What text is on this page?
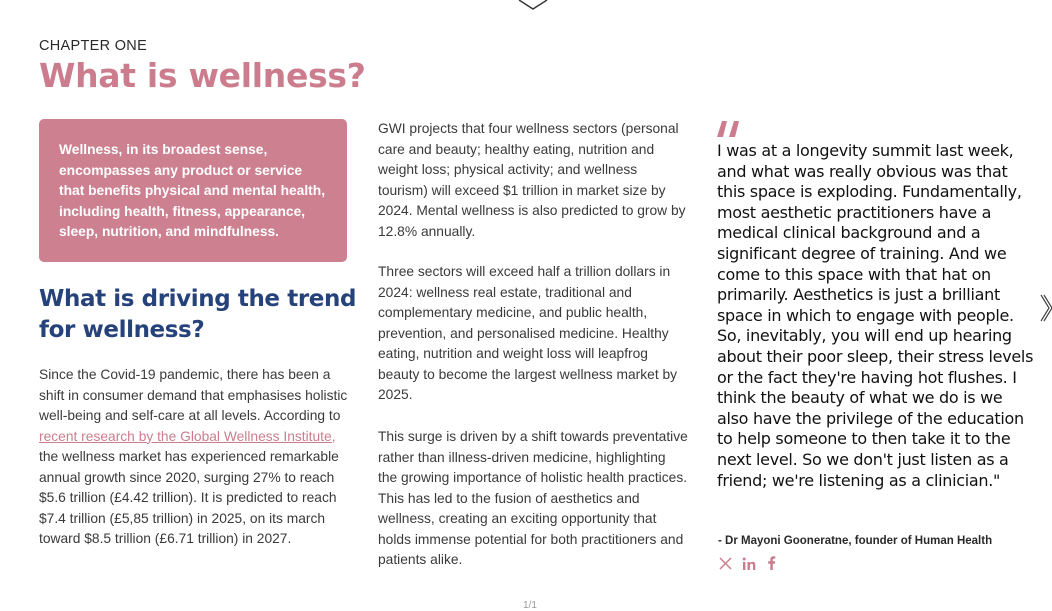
CHAPTER ONE
What is wellness?
Wellness, in its broadest sense, encompasses any product or service that benefits physical and mental health, including health, fitness, appearance, sleep, nutrition, and mindfulness.
What is driving the trend for wellness?

Since the Covid-19 pandemic, there has been a shift in consumer demand that emphasises holistic well-being and self-care at all levels. According to recent research by the Global Wellness Institute, the wellness market has experienced remarkable annual growth since 2020, surging 27% to reach $5.6 trillion (£4.42 trillion). It is predicted to reach $7.4 trillion (£5,85 trillion) in 2025, on its march toward $8.5 trillion (£6.71 trillion) in 2027.

GWI projects that four wellness sectors (personal care and beauty; healthy eating, nutrition and weight loss; physical activity; and wellness tourism) will exceed $1 trillion in market size by 2024. Mental wellness is also predicted to grow by 12.8% annually.

Three sectors will exceed half a trillion dollars in 2024: wellness real estate, traditional and complementary medicine, and public health, prevention, and personalised medicine. Healthy eating, nutrition and weight loss will leapfrog beauty to become the largest wellness market by 2025.

This surge is driven by a shift towards preventative rather than illness-driven medicine, highlighting the growing importance of holistic health practices. This has led to the fusion of aesthetics and wellness, creating an exciting opportunity that holds immense potential for both practitioners and patients alike.

I was at a longevity summit last week, and what was really obvious was that this space is exploding. Fundamentally, most aesthetic practitioners have a medical clinical background and a significant degree of training. And we come to this space with that hat on primarily. Aesthetics is just a brilliant space in which to engage with people. So, inevitably, you will end up hearing about their poor sleep, their stress levels or the fact they're having hot flushes. I think the beauty of what we do is we also have the privilege of the education to help someone to then take it to the next level. So we don't just listen as a friend; we're listening as a clinician."

- Dr Mayoni Gooneratne, founder of Human Health
1/1
